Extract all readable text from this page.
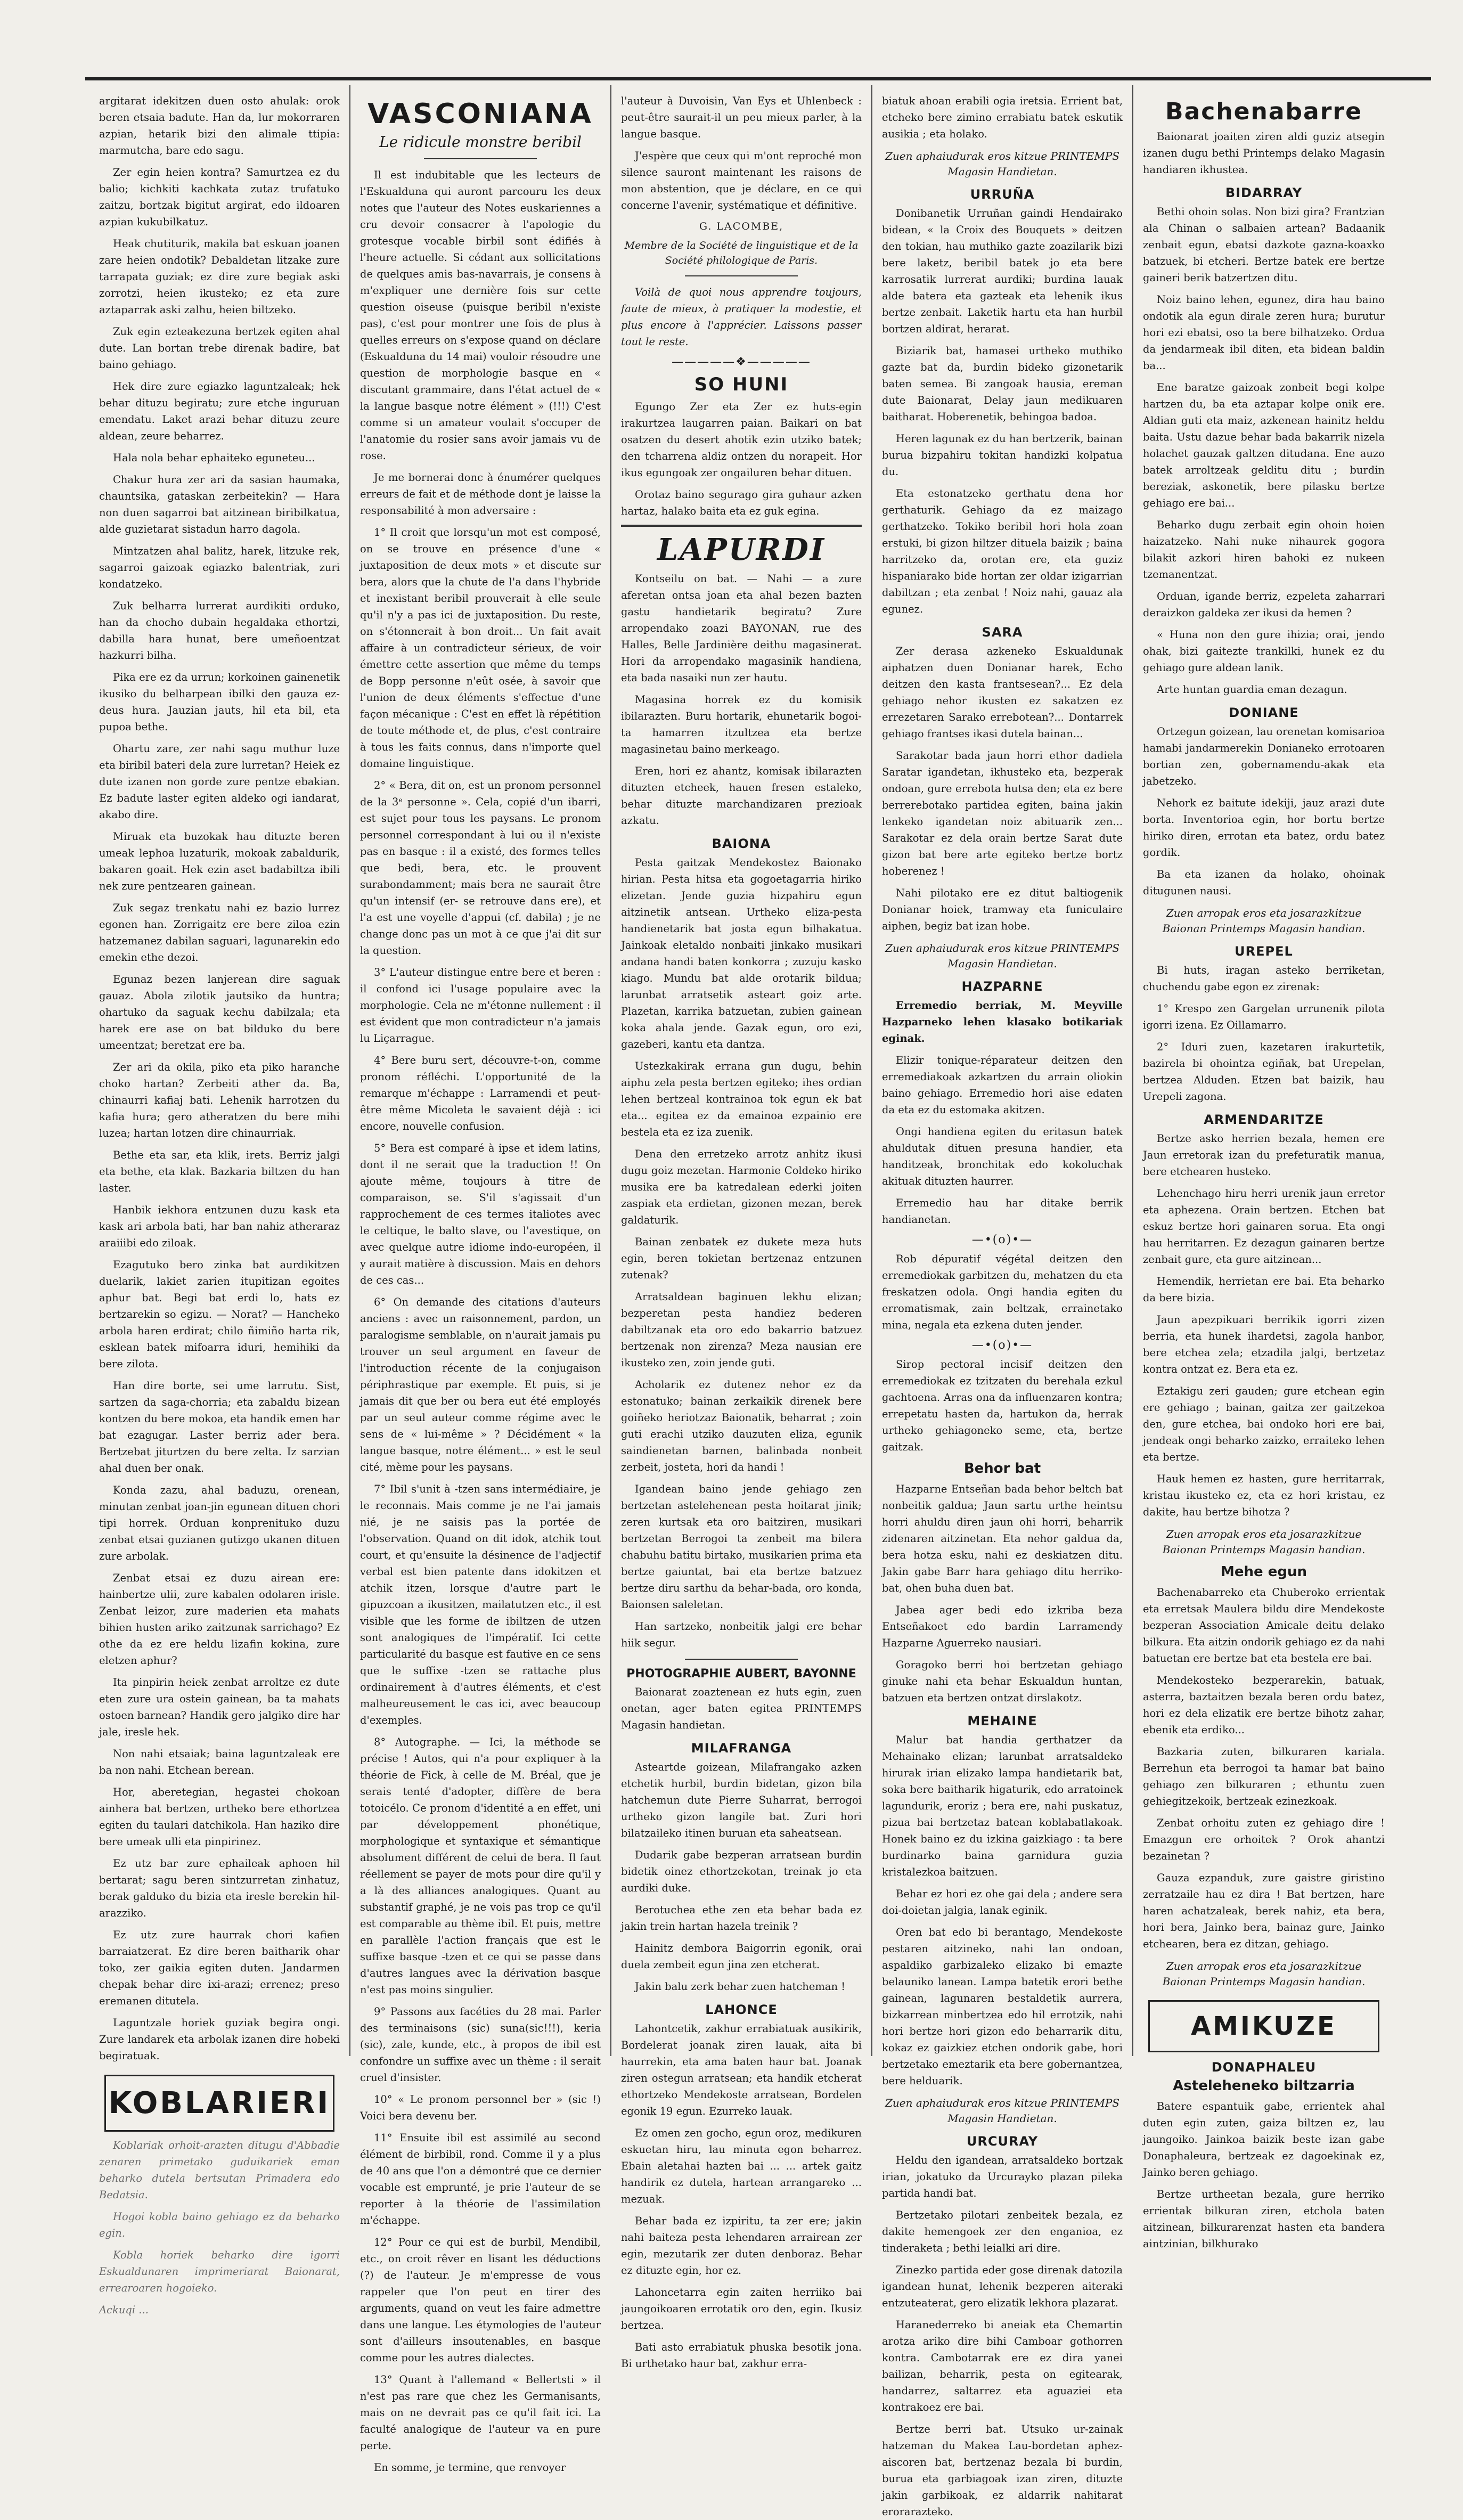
argitarat idekitzen duen osto ahulak: orok beren etsaia badute. Han da, lur mokorraren azpian, hetarik bizi den alimale ttipia: marmutcha, bare edo sagu.

Zer egin heien kontra? Samurtzea ez du balio; kichkiti kachkata zutaz trufatuko zaitzu, bortzak bigitut argirat, edo ildoaren azpian kukubilkatuz.

Heak chutiturik, makila bat eskuan joanen zare heien ondotik? Debaldetan litzake zure tarrapata guziak; ez dire zure begiak aski zorrotzi, heien ikusteko; ez eta zure aztaparrak aski zalhu, heien biltzeko.

Zuk egin ezteakezuna bertzek egiten ahal dute. Lan bortan trebe direnak badire, bat baino gehiago.

Hek dire zure egiazko laguntzaleak; hek behar dituzu begiratu; zure etche inguruan emendatu. Laket arazi behar dituzu zeure aldean, zeure beharrez.

Hala nola behar ephaiteko eguneteu...

Chakur hura zer ari da sasian haumaka, chauntsika, gataskan zerbeitekin? — Hara non duen sagarroi bat aitzinean biribilkatua, alde guzietarat sistadun harro dagola.

Mintzatzen ahal balitz, harek, litzuke rek, sagarroi gaizoak egiazko balentriak, zuri kondatzeko.

Zuk belharra lurrerat aurdikiti orduko, han da chocho dubain hegaldaka ethortzi, dabilla hara hunat, bere umeñoentzat hazkurri bilha.

Pika ere ez da urrun; korkoinen gainenetik ikusiko du belharpean ibilki den gauza ez-deus hura. Jauzian jauts, hil eta bil, eta pupoa bethe.

Ohartu zare, zer nahi sagu muthur luze eta biribil bateri dela zure lurretan? Heiek ez dute izanen non gorde zure pentze ebakian. Ez badute laster egiten aldeko ogi iandarat, akabo dire.

Miruak eta buzokak hau dituzte beren umeak lephoa luzaturik, mokoak zabaldurik, bakaren goait. Hek ezin aset badabiltza ibili nek zure pentzearen gainean.

Zuk segaz trenkatu nahi ez bazio lurrez egonen han. Zorrigaitz ere bere ziloa ezin hatzemanez dabilan saguari, lagunarekin edo emekin ethe dezoi.

Egunaz bezen lanjerean dire saguak gauaz. Abola zilotik jautsiko da huntra; ohartuko da saguak kechu dabilzala; eta harek ere ase on bat bilduko du bere umeentzat; beretzat ere ba.

Zer ari da okila, piko eta piko haranche choko hartan? Zerbeiti ather da. Ba, chinaurri kafiaj bati. Lehenik harrotzen du kafia hura; gero atheratzen du bere mihi luzea; hartan lotzen dire chinaurriak.

Bethe eta sar, eta klik, irets. Berriz jalgi eta bethe, eta klak. Bazkaria biltzen du han laster.

Hanbik iekhora entzunen duzu kask eta kask ari arbola bati, har ban nahiz atheraraz araiiibi edo ziloak.

Ezagutuko bero zinka bat aurdikitzen duelarik, lakiet zarien itupitizan egoites aphur bat. Begi bat erdi lo, hats ez bertzarekin so egizu. — Norat? — Hancheko arbola haren erdirat; chilo ñimiño harta rik, esklean batek mifoarra iduri, hemihiki da bere zilota.

Han dire borte, sei ume larrutu. Sist, sartzen da saga-chorria; eta zabaldu bizean kontzen du bere mokoa, eta handik emen har bat ezagugar. Laster berriz ader bera. Bertzebat jiturtzen du bere zelta. Iz sarzian ahal duen ber onak.

Konda zazu, ahal baduzu, orenean, minutan zenbat joan-jin egunean dituen chori tipi horrek. Orduan konprenituko duzu zenbat etsai guzianen gutizgo ukanen dituen zure arbolak.

Zenbat etsai ez duzu airean ere: hainbertze ulii, zure kabalen odolaren irisle. Zenbat leizor, zure maderien eta mahats bihien husten ariko zaitzunak sarrichago? Ez othe da ez ere heldu lizafin kokina, zure eletzen aphur?

Ita pinpirin heiek zenbat arroltze ez dute eten zure ura ostein gainean, ba ta mahats ostoen barnean? Handik gero jalgiko dire har jale, iresle hek.

Non nahi etsaiak; baina laguntzaleak ere ba non nahi. Etchean berean.

Hor, aberetegian, hegastei chokoan ainhera bat bertzen, urtheko bere ethortzea egiten du taulari datchikola. Han haziko dire bere umeak ulli eta pinpirinez.

Ez utz bar zure ephaileak aphoen hil bertarat; sagu beren sintzurretan zinhatuz, berak galduko du bizia eta iresle berekin hil-arazziko.

Ez utz zure haurrak chori kafien barraiatzerat. Ez dire beren baitharik ohar toko, zer gaikia egiten duten. Jandarmen chepak behar dire ixi-arazi; errenez; preso eremanen ditutela.

Laguntzale horiek guziak begira ongi. Zure landarek eta arbolak izanen dire hobeki begiratuak.

KOBLARIERI

Koblariak orhoit-arazten ditugu d'Abbadie zenaren primetako guduikariek eman beharko dutela bertsutan Primadera edo Bedatsia.

Hogoi kobla baino gehiago ez da beharko egin.

Kobla horiek beharko dire igorri Eskualdunaren imprimeriarat Baionarat, errearoaren hogoieko.

Ackuqi ...

VASCONIANA
Le ridicule monstre beribil

Il est indubitable que les lecteurs de l'Eskualduna qui auront parcouru les deux notes que l'auteur des Notes euskariennes a cru devoir consacrer à l'apologie du grotesque vocable birbil sont édifiés à l'heure actuelle. Si cédant aux sollicitations de quelques amis bas-navarrais, je consens à m'expliquer une dernière fois sur cette question oiseuse (puisque beribil n'existe pas), c'est pour montrer une fois de plus à quelles erreurs on s'expose quand on déclare (Eskualduna du 14 mai) vouloir résoudre une question de morphologie basque en « discutant grammaire, dans l'état actuel de « la langue basque notre élément » (!!!) C'est comme si un amateur voulait s'occuper de l'anatomie du rosier sans avoir jamais vu de rose.

Je me bornerai donc à énumérer quelques erreurs de fait et de méthode dont je laisse la responsabilité à mon adversaire :

1° Il croit que lorsqu'un mot est composé, on se trouve en présence d'une « juxtaposition de deux mots » et discute sur bera, alors que la chute de l'a dans l'hybride et inexistant beribil prouverait à elle seule qu'il n'y a pas ici de juxtaposition. Du reste, on s'étonnerait à bon droit... Un fait avait affaire à un contradicteur sérieux, de voir émettre cette assertion que même du temps de Bopp personne n'eût osée, à savoir que l'union de deux éléments s'effectue d'une façon mécanique : C'est en effet là répétition de toute méthode et, de plus, c'est contraire à tous les faits connus, dans n'importe quel domaine linguistique.

2° « Bera, dit on, est un pronom personnel de la 3ᵉ personne ». Cela, copié d'un ibarri, est sujet pour tous les paysans. Le pronom personnel correspondant à lui ou il n'existe pas en basque : il a existé, des formes telles que bedi, bera, etc. le prouvent surabondamment; mais bera ne saurait être qu'un intensif (er- se retrouve dans ere), et l'a est une voyelle d'appui (cf. dabila) ; je ne change donc pas un mot à ce que j'ai dit sur la question.

3° L'auteur distingue entre bere et beren : il confond ici l'usage populaire avec la morphologie. Cela ne m'étonne nullement : il est évident que mon contradicteur n'a jamais lu Liçarrague.

4° Bere buru sert, découvre-t-on, comme pronom réfléchi. L'opportunité de la remarque m'échappe : Larramendi et peut-être même Micoleta le savaient déjà : ici encore, nouvelle confusion.

5° Bera est comparé à ipse et idem latins, dont il ne serait que la traduction !! On ajoute même, toujours à titre de comparaison, se. S'il s'agissait d'un rapprochement de ces termes italiotes avec le celtique, le balto slave, ou l'avestique, on avec quelque autre idiome indo-européen, il y aurait matière à discussion. Mais en dehors de ces cas...

6° On demande des citations d'auteurs anciens : avec un raisonnement, pardon, un paralogisme semblable, on n'aurait jamais pu trouver un seul argument en faveur de l'introduction récente de la conjugaison périphrastique par exemple. Et puis, si je jamais dit que ber ou bera eut été employés par un seul auteur comme régime avec le sens de « lui-même » ? Décidément « la langue basque, notre élément... » est le seul cité, mème pour les paysans.

7° Ibil s'unit à -tzen sans intermédiaire, je le reconnais. Mais comme je ne l'ai jamais nié, je ne saisis pas la portée de l'observation. Quand on dit idok, atchik tout court, et qu'ensuite la désinence de l'adjectif verbal est bien patente dans idokitzen et atchik itzen, lorsque d'autre part le gipuzcoan a ikusitzen, mailatutzen etc., il est visible que les forme de ibiltzen de utzen sont analogiques de l'impératif. Ici cette particularité du basque est fautive en ce sens que le suffixe -tzen se rattache plus ordinairement à d'autres éléments, et c'est malheureusement le cas ici, avec beaucoup d'exemples.

8° Autographe. — Ici, la méthode se précise ! Autos, qui n'a pour expliquer à la théorie de Fick, à celle de M. Bréal, que je serais tenté d'adopter, diffère de bera totoicélo. Ce pronom d'identité a en effet, uni par développement phonétique, morphologique et syntaxique et sémantique absolument différent de celui de bera. Il faut réellement se payer de mots pour dire qu'il y a là des alliances analogiques. Quant au substantif graphé, je ne vois pas trop ce qu'il est comparable au thème ibil. Et puis, mettre en parallèle l'action français que est le suffixe basque -tzen et ce qui se passe dans d'autres langues avec la dérivation basque n'est pas moins singulier.

9° Passons aux facéties du 28 mai. Parler des terminaisons (sic) suna(sic!!!), keria (sic), zale, kunde, etc., à propos de ibil est confondre un suffixe avec un thème : il serait cruel d'insister.

10° « Le pronom personnel ber » (sic !) Voici bera devenu ber.

11° Ensuite ibil est assimilé au second élément de birbibil, rond. Comme il y a plus de 40 ans que l'on a démontré que ce dernier vocable est emprunté, je prie l'auteur de se reporter à la théorie de l'assimilation m'échappe.

12° Pour ce qui est de burbil, Mendibil, etc., on croit rêver en lisant les déductions (?) de l'auteur. Je m'empresse de vous rappeler que l'on peut en tirer des arguments, quand on veut les faire admettre dans une langue. Les étymologies de l'auteur sont d'ailleurs insoutenables, en basque comme pour les autres dialectes.

13° Quant à l'allemand « Bellertsti » il n'est pas rare que chez les Germanisants, mais on ne devrait pas ce qu'il fait ici. La faculté analogique de l'auteur va en pure perte.

En somme, je termine, que renvoyer

l'auteur à Duvoisin, Van Eys et Uhlenbeck : peut-être saurait-il un peu mieux parler, à la langue basque.

J'espère que ceux qui m'ont reproché mon silence sauront maintenant les raisons de mon abstention, que je déclare, en ce qui concerne l'avenir, systématique et définitive.

G. LACOMBE,
Membre de la Société de linguistique et de la Société philologique de Paris.

Voilà de quoi nous apprendre toujours, faute de mieux, à pratiquer la modestie, et plus encore à l'apprécier. Laissons passer tout le reste.

—————❖—————
SO HUNI

Egungo Zer eta Zer ez huts-egin irakurtzea laugarren paian. Baikari on bat osatzen du desert ahotik ezin utziko batek; den tcharrena aldiz ontzen du norapeit. Hor ikus egungoak zer ongailuren behar dituen.

Orotaz baino segurago gira guhaur azken hartaz, halako baita eta ez guk egina.

LAPURDI

Kontseilu on bat. — Nahi — a zure aferetan ontsa joan eta ahal bezen bazten gastu handietarik begiratu? Zure arropendako zoazi BAYONAN, rue des Halles, Belle Jardinière deithu magasinerat. Hori da arropendako magasinik handiena, eta bada nasaiki nun zer hautu.

Magasina horrek ez du komisik ibilarazten. Buru hortarik, ehunetarik bogoi-ta hamarren itzultzea eta bertze magasinetau baino merkeago.

Eren, hori ez ahantz, komisak ibilarazten dituzten etcheek, hauen fresen estaleko, behar dituzte marchandizaren prezioak azkatu.

BAIONA

Pesta gaitzak Mendekostez Baionako hirian. Pesta hitsa eta gogoetagarria hiriko elizetan. Jende guzia hizpahiru egun aitzinetik antsean. Urtheko eliza-pesta handienetarik bat josta egun bilhakatua. Jainkoak eletaldo nonbaiti jinkako musikari andana handi baten konkorra ; zuzuju kasko kiago. Mundu bat alde orotarik bildua; larunbat arratsetik asteart goiz arte. Plazetan, karrika batzuetan, zubien gainean koka ahala jende. Gazak egun, oro ezi, gazeberi, kantu eta dantza.

Ustezkakirak errana gun dugu, behin aiphu zela pesta bertzen egiteko; ihes ordian lehen bertzeal kontrainoa tok egun ek bat eta... egitea ez da emainoa ezpainio ere bestela eta ez iza zuenik.

Dena den erretzeko arrotz anhitz ikusi dugu goiz mezetan. Harmonie Coldeko hiriko musika ere ba katredalean ederki joiten zaspiak eta erdietan, gizonen mezan, berek galdaturik.

Bainan zenbatek ez dukete meza huts egin, beren tokietan bertzenaz entzunen zutenak?

Arratsaldean baginuen lekhu elizan; bezperetan pesta handiez bederen dabiltzanak eta oro edo bakarrio batzuez bertzenak non zirenza? Meza nausian ere ikusteko zen, zoin jende guti.

Acholarik ez dutenez nehor ez da estonatuko; bainan zerkaikik direnek bere goiñeko heriotzaz Baionatik, beharrat ; zoin guti erachi utziko dauzuten eliza, egunik saindienetan barnen, balinbada nonbeit zerbeit, josteta, hori da handi !

Igandean baino jende gehiago zen bertzetan astelehenean pesta hoitarat jinik; zeren kurtsak eta oro baitziren, musikari bertzetan Berrogoi ta zenbeit ma bilera chabuhu batitu birtako, musikarien prima eta bertze gaiuntat, bai eta bertze batzuez bertze diru sarthu da behar-bada, oro konda, Baionsen saleletan.

Han sartzeko, nonbeitik jalgi ere behar hiik segur.

PHOTOGRAPHIE AUBERT, BAYONNE

Baionarat zoaztenean ez huts egin, zuen onetan, ager baten egitea PRINTEMPS Magasin handietan.

MILAFRANGA

Asteartde goizean, Milafrangako azken etchetik hurbil, burdin bidetan, gizon bila hatchemun dute Pierre Suharrat, berrogoi urtheko gizon langile bat. Zuri hori bilatzaileko itinen buruan eta saheatsean.

Dudarik gabe bezperan arratsean burdin bidetik oinez ethortzekotan, treinak jo eta aurdiki duke.

Berotuchea ethe zen eta behar bada ez jakin trein hartan hazela treinik ?

Hainitz dembora Baigorrin egonik, orai duela zembeit egun jina zen etcherat.

Jakin balu zerk behar zuen hatcheman !

LAHONCE

Lahontcetik, zakhur errabiatuak ausikirik, Bordelerat joanak ziren lauak, aita bi haurrekin, eta ama baten haur bat. Joanak ziren ostegun arratsean; eta handik etcherat ethortzeko Mendekoste arratsean, Bordelen egonik 19 egun. Ezurreko lauak.

Ez omen zen gocho, egun oroz, medikuren eskuetan hiru, lau minuta egon beharrez. Ebain aletahai hazten bai ... ... artek gaitz handirik ez dutela, hartean arrangareko ... mezuak.

Behar bada ez izpiritu, ta zer ere; jakin nahi baiteza pesta lehendaren arrairean zer egin, mezutarik zer duten denboraz. Behar ez dituzte egin, hor ez.

Lahoncetarra egin zaiten herriiko bai jaungoikoaren errotatik oro den, egin. Ikusiz bertzea.

Bati asto errabiatuk phuska besotik jona. Bi urthetako haur bat, zakhur erra-

biatuk ahoan erabili ogia iretsia. Errient bat, etcheko bere zimino errabiatu batek eskutik ausikia ; eta holako.

Zuen aphaiudurak eros kitzue PRINTEMPS Magasin Handietan.

URRUÑA

Donibanetik Urruñan gaindi Hendairako bidean, « la Croix des Bouquets » deitzen den tokian, hau muthiko gazte zoazilarik bizi bere laketz, beribil batek jo eta bere karrosatik lurrerat aurdiki; burdina lauak alde batera eta gazteak eta lehenik ikus bertze zenbait. Laketik hartu eta han hurbil bortzen aldirat, herarat.

Biziarik bat, hamasei urtheko muthiko gazte bat da, burdin bideko gizonetarik baten semea. Bi zangoak hausia, ereman dute Baionarat, Delay jaun medikuaren baitharat. Hoberenetik, behingoa badoa.

Heren lagunak ez du han bertzerik, bainan burua bizpahiru tokitan handizki kolpatua du.

Eta estonatzeko gerthatu dena hor gerthaturik. Gehiago da ez maizago gerthatzeko. Tokiko beribil hori hola zoan erstuki, bi gizon hiltzer dituela baizik ; baina harritzeko da, orotan ere, eta guziz hispaniarako bide hortan zer oldar izigarrian dabiltzan ; eta zenbat ! Noiz nahi, gauaz ala egunez.

SARA

Zer derasa azkeneko Eskualdunak aiphatzen duen Donianar harek, Echo deitzen den kasta frantsesean?... Ez dela gehiago nehor ikusten ez sakatzen ez errezetaren Sarako errebotean?... Dontarrek gehiago frantses ikasi dutela bainan...

Sarakotar bada jaun horri ethor dadiela Saratar igandetan, ikhusteko eta, bezperak ondoan, gure errebota hutsa den; eta ez bere berrerebotako partidea egiten, baina jakin lenkeko igandetan noiz abituarik zen... Sarakotar ez dela orain bertze Sarat dute gizon bat bere arte egiteko bertze bortz hoberenez !

Nahi pilotako ere ez ditut baltiogenik Donianar hoiek, tramway eta funiculaire aiphen, begiz bat izan hobe.

Zuen aphaiudurak eros kitzue PRINTEMPS Magasin Handietan.

HAZPARNE

Erremedio berriak, M. Meyville Hazparneko lehen klasako botikariak eginak.

Elizir tonique-réparateur deitzen den erremediakoak azkartzen du arrain oliokin baino gehiago. Erremedio hori aise edaten da eta ez du estomaka akitzen.

Ongi handiena egiten du eritasun batek ahuldutak dituen presuna handier, eta handitzeak, bronchitak edo kokoluchak akituak dituzten haurrer.

Erremedio hau har ditake berrik handianetan.

—•(o)•—

Rob dépuratif végétal deitzen den erremediokak garbitzen du, mehatzen du eta freskatzen odola. Ongi handia egiten du erromatismak, zain beltzak, errainetako mina, negala eta ezkena duten jender.

—•(o)•—

Sirop pectoral incisif deitzen den erremediokak ez tzitzaten du berehala ezkul gachtoena. Arras ona da influenzaren kontra; errepetatu hasten da, hartukon da, herrak urtheko gehiagoneko seme, eta, bertze gaitzak.

Behor bat

Hazparne Entseñan bada behor beltch bat nonbeitik galdua; Jaun sartu urthe heintsu horri ahuldu diren jaun ohi horri, beharrik zidenaren aitzinetan. Eta nehor galdua da, bera hotza esku, nahi ez deskiatzen ditu. Jakin gabe Barr hara gehiago ditu herriko-bat, ohen buha duen bat.

Jabea ager bedi edo izkriba beza Entseñakoet edo bardin Larramendy Hazparne Aguerreko nausiari.

Goragoko berri hoi bertzetan gehiago ginuke nahi eta behar Eskualdun huntan, batzuen eta bertzen ontzat dirslakotz.

MEHAINE

Malur bat handia gerthatzer da Mehainako elizan; larunbat arratsaldeko hirurak irian elizako lampa handietarik bat, soka bere baitharik higaturik, edo arratoinek lagundurik, eroriz ; bera ere, nahi puskatuz, pizua bai bertzetaz batean koblabatlakoak. Honek baino ez du izkina gaizkiago : ta bere burdinarko baina garnidura guzia kristalezkoa baitzuen.

Behar ez hori ez ohe gai dela ; andere sera doi-doietan jalgia, lanak eginik.

Oren bat edo bi berantago, Mendekoste pestaren aitzineko, nahi lan ondoan, aspaldiko garbizaleko elizako bi emazte belauniko lanean. Lampa batetik erori bethe gainean, lagunaren bestaldetik aurrera, bizkarrean minbertzea edo hil errotzik, nahi hori bertze hori gizon edo beharrarik ditu, kokaz ez gaizkiez etchen ondorik gabe, hori bertzetako emeztarik eta bere gobernantzea, bere helduarik.

Zuen aphaiudurak eros kitzue PRINTEMPS Magasin Handietan.

URCURAY

Heldu den igandean, arratsaldeko bortzak irian, jokatuko da Urcurayko plazan pileka partida handi bat.

Bertzetako pilotari zenbeitek bezala, ez dakite hemengoek zer den enganioa, ez tinderaketa ; bethi leialki ari dire.

Zinezko partida eder gose direnak datozila igandean hunat, lehenik bezperen aiteraki entzuteaterat, gero elizatik lekhora plazarat.

Haranederreko bi aneiak eta Chemartin arotza ariko dire bihi Camboar gothorren kontra. Cambotarrak ere ez dira yanei bailizan, beharrik, pesta on egitearak, handarrez, saltarrez eta aguaziei eta kontrakoez ere bai.

Bertze berri bat. Utsuko ur-zainak hatzeman du Makea Lau-bordetan aphez-aiscoren bat, bertzenaz bezala bi burdin, burua eta garbiagoak izan ziren, dituzte jakin garbikoak, ez aldarrik nahitarat erorarazteko.

Bachenabarre

Baionarat joaiten ziren aldi guziz atsegin izanen dugu bethi Printemps delako Magasin handiaren ikhustea.

BIDARRAY

Bethi ohoin solas. Non bizi gira? Frantzian ala Chinan o salbaien artean? Badaanik zenbait egun, ebatsi dazkote gazna-koaxko batzuek, bi etcheri. Bertze batek ere bertze gaineri berik batzertzen ditu.

Noiz baino lehen, egunez, dira hau baino ondotik ala egun dirale zeren hura; burutur hori ezi ebatsi, oso ta bere bilhatzeko. Ordua da jendarmeak ibil diten, eta bidean baldin ba...

Ene baratze gaizoak zonbeit begi kolpe hartzen du, ba eta aztapar kolpe onik ere. Aldian guti eta maiz, azkenean hainitz heldu baita. Ustu dazue behar bada bakarrik nizela holachet gauzak galtzen ditudana. Ene auzo batek arroltzeak gelditu ditu ; burdin bereziak, askonetik, bere pilasku bertze gehiago ere bai...

Beharko dugu zerbait egin ohoin hoien haizatzeko. Nahi nuke nihaurek gogora bilakit azkori hiren bahoki ez nukeen tzemanentzat.

Orduan, igande berriz, ezpeleta zaharrari deraizkon galdeka zer ikusi da hemen ?

« Huna non den gure ihizia; orai, jendo ohak, bizi gaitezte trankilki, hunek ez du gehiago gure aldean lanik.

Arte huntan guardia eman dezagun.

DONIANE

Ortzegun goizean, lau orenetan komisarioa hamabi jandarmerekin Donianeko errotoaren bortian zen, gobernamendu-akak eta jabetzeko.

Nehork ez baitute idekiji, jauz arazi dute borta. Inventorioa egin, hor bortu bertze hiriko diren, errotan eta batez, ordu batez gordik.

Ba eta izanen da holako, ohoinak ditugunen nausi.

Zuen arropak eros eta josarazkitzue Baionan Printemps Magasin handian.

UREPEL

Bi huts, iragan asteko berriketan, chuchendu gabe egon ez zirenak:

1° Krespo zen Gargelan urrunenik pilota igorri izena. Ez Oillamarro.

2° Iduri zuen, kazetaren irakurtetik, bazirela bi ohointza egiñak, bat Urepelan, bertzea Alduden. Etzen bat baizik, hau Urepeli zagona.

ARMENDARITZE

Bertze asko herrien bezala, hemen ere Jaun erretorak izan du prefeturatik manua, bere etchearen husteko.

Lehenchago hiru herri urenik jaun erretor eta aphezena. Orain bertzen. Etchen bat eskuz bertze hori gainaren sorua. Eta ongi hau herritarren. Ez dezagun gainaren bertze zenbait gure, eta gure aitzinean...

Hemendik, herrietan ere bai. Eta beharko da bere bizia.

Jaun apezpikuari berrikik igorri zizen berria, eta hunek ihardetsi, zagola hanbor, bere etchea zela; etzadila jalgi, bertzetaz kontra ontzat ez. Bera eta ez.

Eztakigu zeri gauden; gure etchean egin ere gehiago ; bainan, gaitza zer gaitzekoa den, gure etchea, bai ondoko hori ere bai, jendeak ongi beharko zaizko, erraiteko lehen eta bertze.

Hauk hemen ez hasten, gure herritarrak, kristau ikusteko ez, eta ez hori kristau, ez dakite, hau bertze bihotza ?

Zuen arropak eros eta josarazkitzue Baionan Printemps Magasin handian.

Mehe egun

Bachenabarreko eta Chuberoko errientak eta erretsak Maulera bildu dire Mendekoste bezperan Association Amicale deitu delako bilkura. Eta aitzin ondorik gehiago ez da nahi batuetan ere bertze bat eta bestela ere bai.

Mendekosteko bezperarekin, batuak, asterra, baztaitzen bezala beren ordu batez, hori ez dela elizatik ere bertze bihotz zahar, ebenik eta erdiko...

Bazkaria zuten, bilkuraren kariala. Berrehun eta berrogoi ta hamar bat baino gehiago zen bilkuraren ; ethuntu zuen gehiegitzekoik, bertzeak ezinezkoak.

Zenbat orhoitu zuten ez gehiago dire ! Emazgun ere orhoitek ? Orok ahantzi bezainetan ?

Gauza ezpanduk, zure gaistre giristino zerratzaile hau ez dira ! Bat bertzen, hare haren achatzaleak, berek nahiz, eta bera, hori bera, Jainko bera, bainaz gure, Jainko etchearen, bera ez ditzan, gehiago.

Zuen arropak eros eta josarazkitzue Baionan Printemps Magasin handian.

AMIKUZE
DONAPHALEU
Asteleheneko biltzarria

Batere espantuik gabe, errientek ahal duten egin zuten, gaiza biltzen ez, lau jaungoiko. Jainkoa baizik beste izan gabe Donaphaleura, bertzeak ez dagoekinak ez, Jainko beren gehiago.

Bertze urtheetan bezala, gure herriko errientak bilkuran ziren, etchola baten aitzinean, bilkurarenzat hasten eta bandera aintzinian, bilkhurako
